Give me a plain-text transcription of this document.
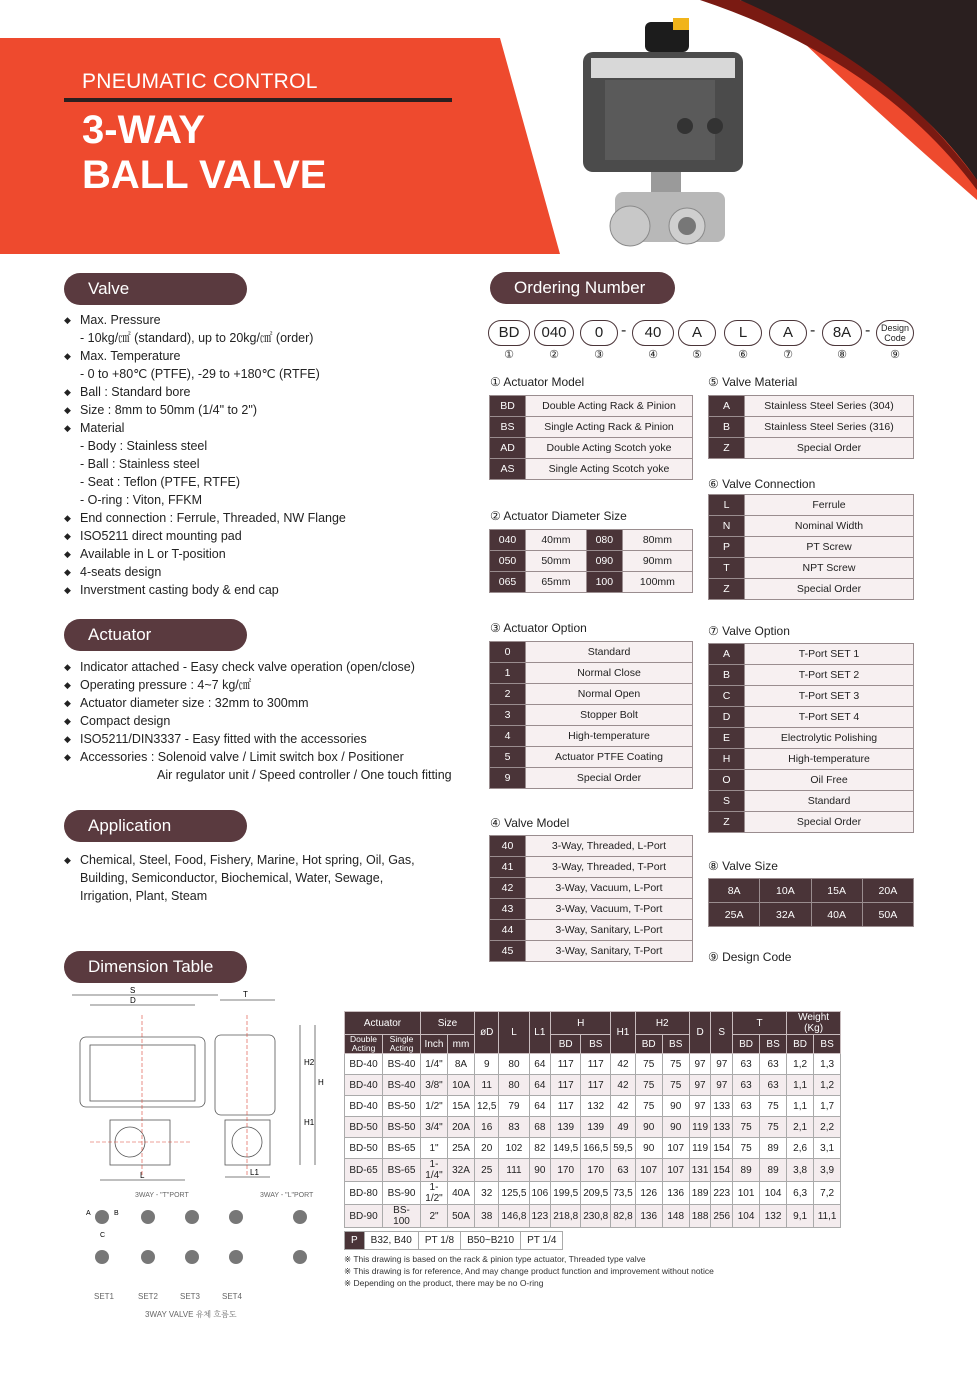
PNEUMATIC CONTROL
3-WAY
BALL VALVE
Valve
◆ Max. Pressure
- 10kg/㎠ (standard), up to 20kg/㎠ (order)
◆ Max. Temperature
- 0 to +80℃ (PTFE), -29 to +180℃ (RTFE)
◆ Ball : Standard bore
◆ Size : 8mm to 50mm (1/4" to 2")
◆ Material
- Body : Stainless steel
- Ball : Stainless steel
- Seat : Teflon (PTFE, RTFE)
- O-ring : Viton, FFKM
◆ End connection : Ferrule, Threaded, NW Flange
◆ ISO5211 direct mounting pad
◆ Available in L or T-position
◆ 4-seats design
◆ Inverstment casting body & end cap
Actuator
◆ Indicator attached - Easy check valve operation (open/close)
◆ Operating pressure : 4~7 kg/㎠
◆ Actuator diameter size : 32mm to 300mm
◆ Compact design
◆ ISO5211/DIN3337 - Easy fitted with the accessories
◆ Accessories : Solenoid valve / Limit switch box / Positioner
Air regulator unit / Speed controller / One touch fitting
Application
◆ Chemical, Steel, Food, Fishery, Marine, Hot spring, Oil, Gas,
Building, Semiconductor, Biochemical, Water, Sewage,
Irrigation, Plant, Steam
Dimension Table
Ordering Number
BD	040	0	-	40	A	L	A	-	8A -	Design
Code
①	②	③	④	⑤	⑥	⑦	⑧	⑨
① Actuator Model
② Actuator Diameter Size
③ Actuator Option
④ Valve Model
⑤ Valve Material
⑥ Valve Connection
⑦ Valve Option
⑧ Valve Size
⑨ Design Code
BD	Double Acting Rack & Pinion
BS	Single Acting Rack & Pinion
AD	Double Acting Scotch yoke
AS	Single Acting Scotch yoke
040	40mm	080	80mm
050	50mm	090	90mm
065	65mm	100	100mm
0	Standard
1	Normal Close
2	Normal Open
3	Stopper Bolt
4	High-temperature
5	Actuator PTFE Coating
9	Special Order
40	3-Way, Threaded, L-Port
41	3-Way, Threaded, T-Port
42	3-Way, Vacuum, L-Port
43	3-Way, Vacuum, T-Port
44	3-Way, Sanitary, L-Port
45	3-Way, Sanitary, T-Port
A	Stainless Steel Series (304)
B	Stainless Steel Series (316)
Z	Special Order
L	Ferrule
N	Nominal Width
P	PT Screw
T	NPT Screw
Z	Special Order
A	T-Port SET 1
B	T-Port SET 2
C	T-Port SET 3
D	T-Port SET 4
E	Electrolytic Polishing
H	High-temperature
O	Oil Free
S	Standard
Z	Special Order
8A	10A	15A	20A
25A	32A	40A	50A
S
D
T
H2
H
H1
L	L1
3WAY - "T"PORT	3WAY - "L"PORT
A	B
C
SET1	SET2	SET3	SET4
3WAY VALVE 유체 흐름도
Actuator		Size		øD	L	L1	H		H1	H2		D	S	T		Weight (Kg)	
Double Acting	Single Acting	Inch	mm				BD	BS		BD	BS			BD	BS	BD	BS
BD-40	BS-40	1/4"	8A	9	80	64	117	117	42	75	75	97	97	63	63	1,2	1,3
BD-40	BS-40	3/8"	10A	11	80	64	117	117	42	75	75	97	97	63	63	1,1	1,2
BD-40	BS-50	1/2"	15A	12,5	79	64	117	132	42	75	90	97	133	63	75	1,1	1,7
BD-50	BS-50	3/4"	20A	16	83	68	139	139	49	90	90	119	133	75	75	2,1	2,2
BD-50	BS-65	1"	25A	20	102	82	149,5	166,5	59,5	90	107	119	154	75	89	2,6	3,1
BD-65	BS-65	1-1/4"	32A	25	111	90	170	170	63	107	107	131	154	89	89	3,8	3,9
BD-80	BS-90	1-1/2"	40A	32	125,5	106	199,5	209,5	73,5	126	136	189	223	101	104	6,3	7,2
BD-90	BS-100	2"	50A	38	146,8	123	218,8	230,8	82,8	136	148	188	256	104	132	9,1	11,1
P	B32, B40	PT 1/8	B50~B210	PT 1/4
※ This drawing is based on the rack & pinion type actuator, Threaded type valve
※ This drawing is for reference, And may change product function and improvement without notice
※ Depending on the product, there may be no O-ring
